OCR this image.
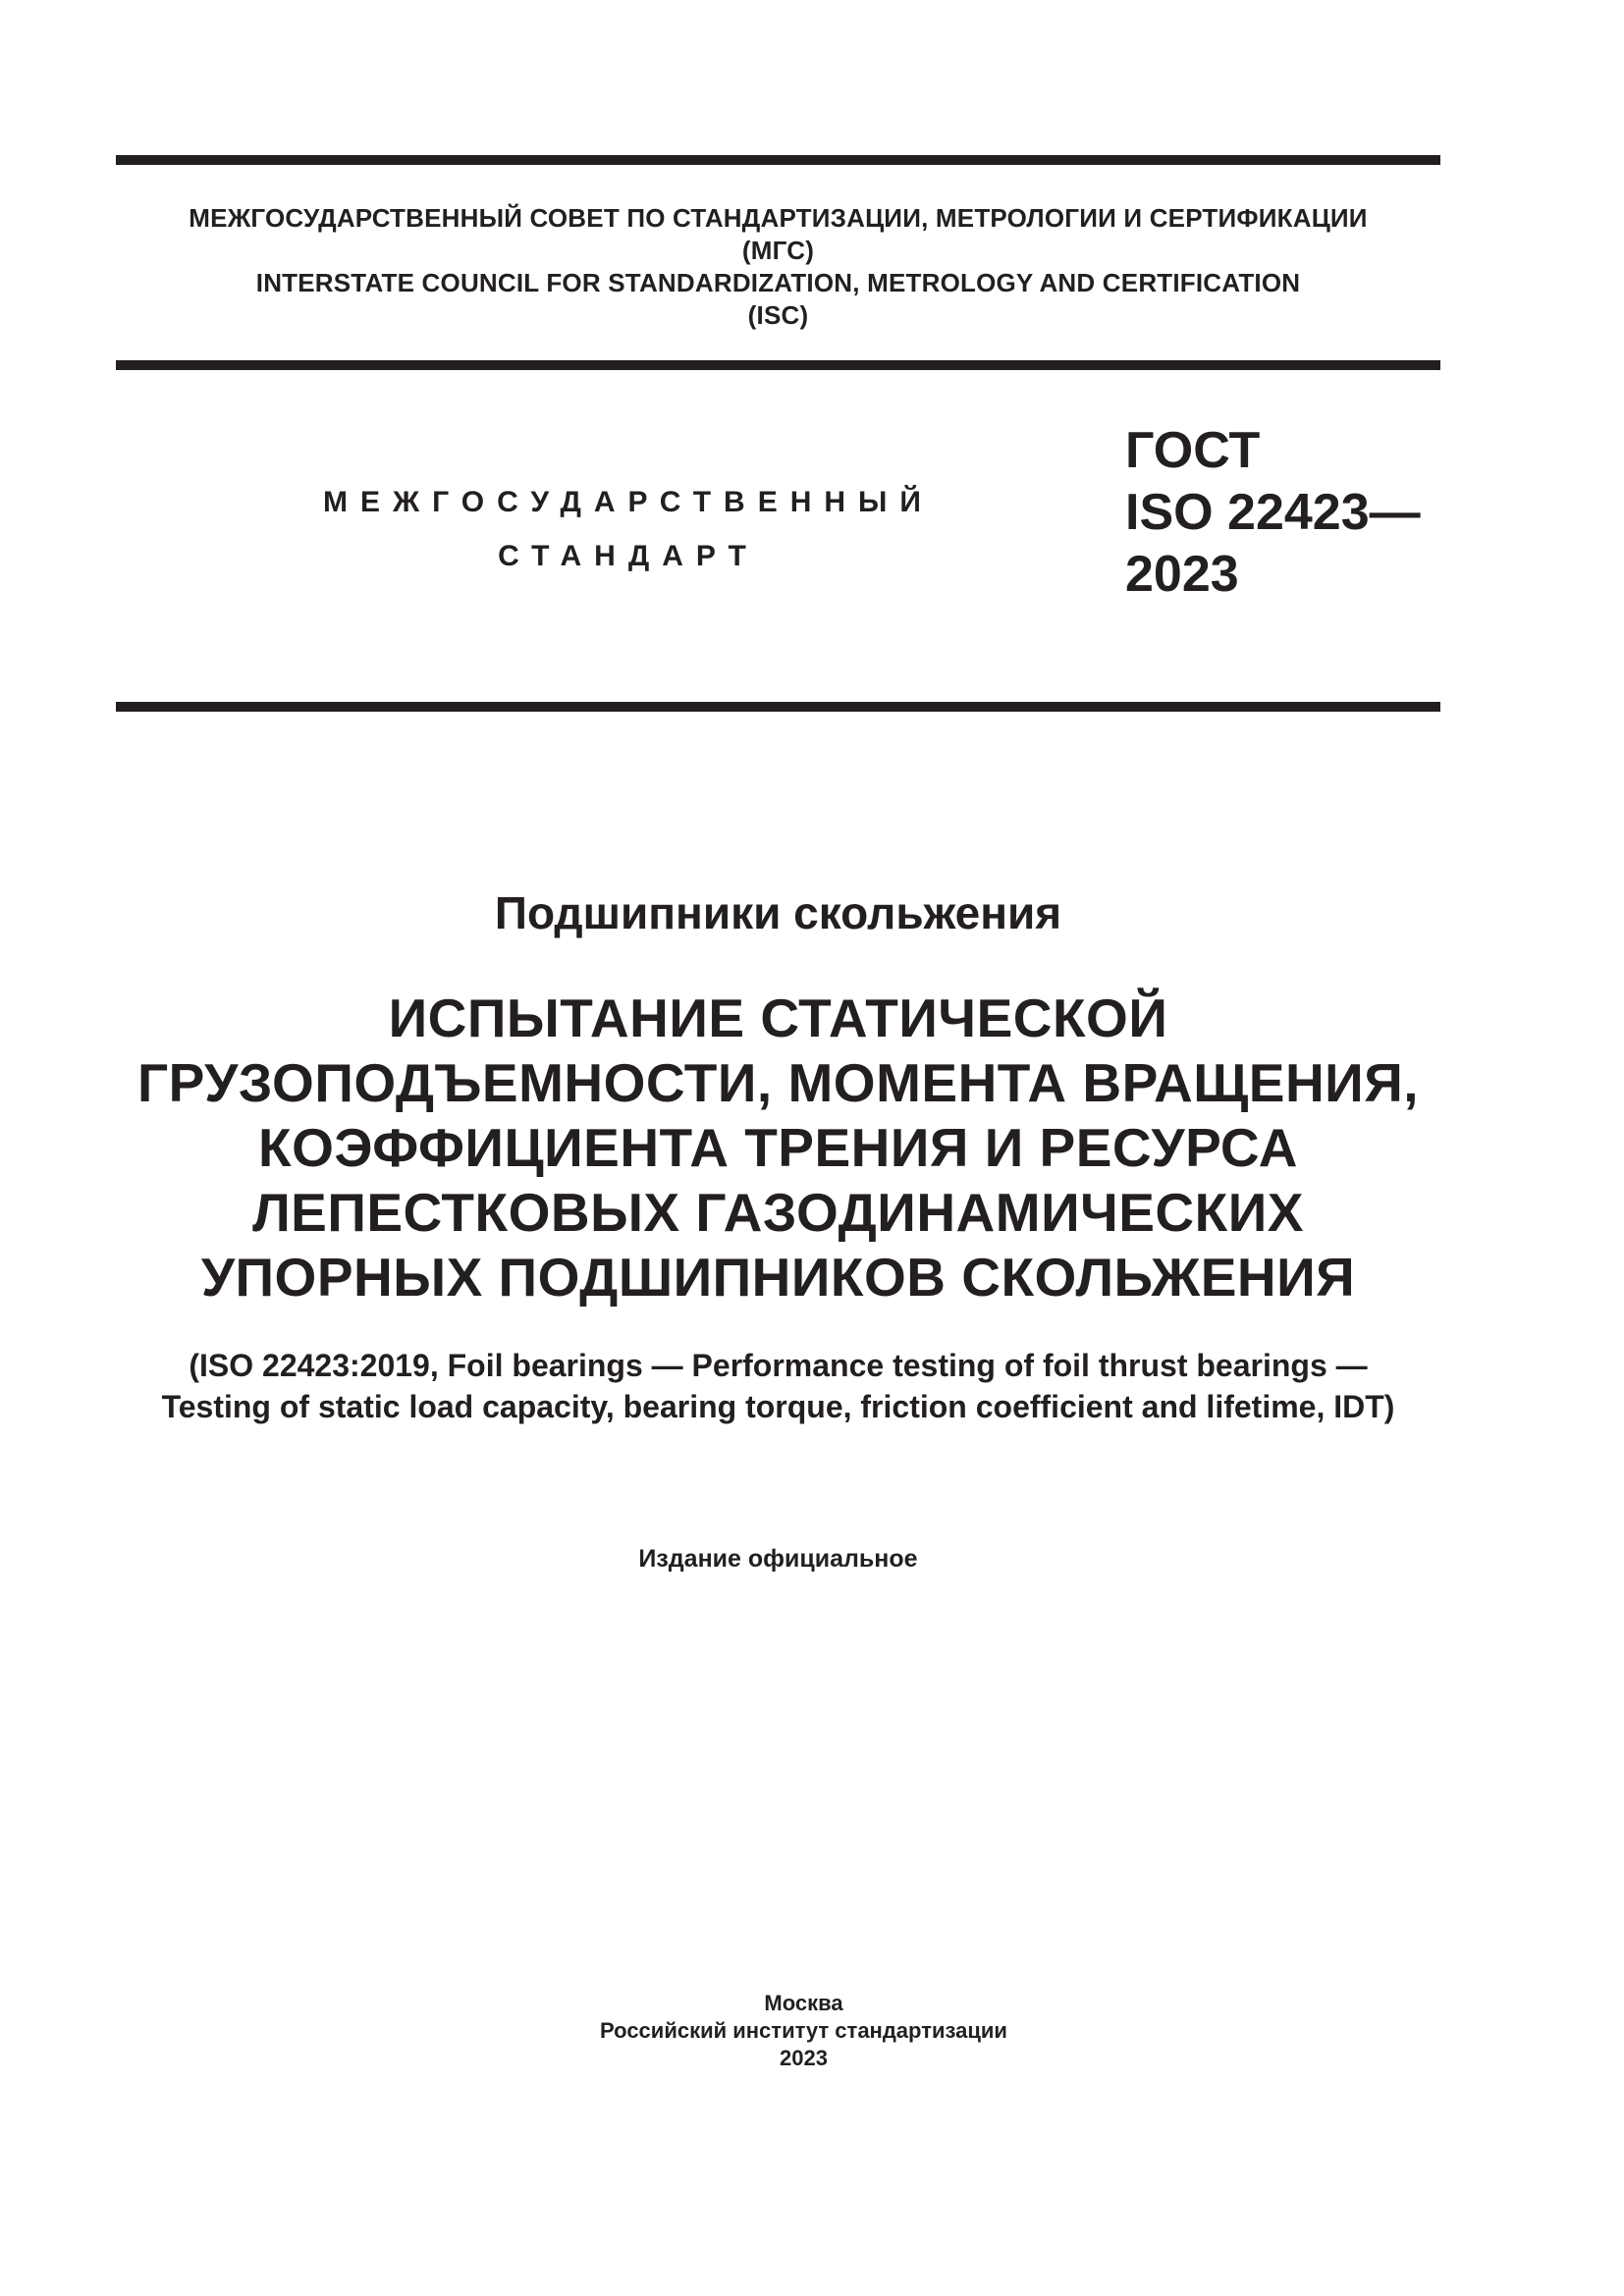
МЕЖГОСУДАРСТВЕННЫЙ СОВЕТ ПО СТАНДАРТИЗАЦИИ, МЕТРОЛОГИИ И СЕРТИФИКАЦИИ
(МГС)
INTERSTATE COUNCIL FOR STANDARDIZATION, METROLOGY AND CERTIFICATION
(ISC)
МЕЖГОСУДАРСТВЕННЫЙ
СТАНДАРТ
ГОСТ
ISO 22423—
2023
Подшипники скольжения
ИСПЫТАНИЕ СТАТИЧЕСКОЙ
ГРУЗОПОДЪЕМНОСТИ, МОМЕНТА ВРАЩЕНИЯ,
КОЭФФИЦИЕНТА ТРЕНИЯ И РЕСУРСА
ЛЕПЕСТКОВЫХ ГАЗОДИНАМИЧЕСКИХ
УПОРНЫХ ПОДШИПНИКОВ СКОЛЬЖЕНИЯ
(ISO 22423:2019, Foil bearings — Performance testing of foil thrust bearings —
Testing of static load capacity, bearing torque, friction coefficient and lifetime, IDT)
Издание официальное
Москва
Российский институт стандартизации
2023
